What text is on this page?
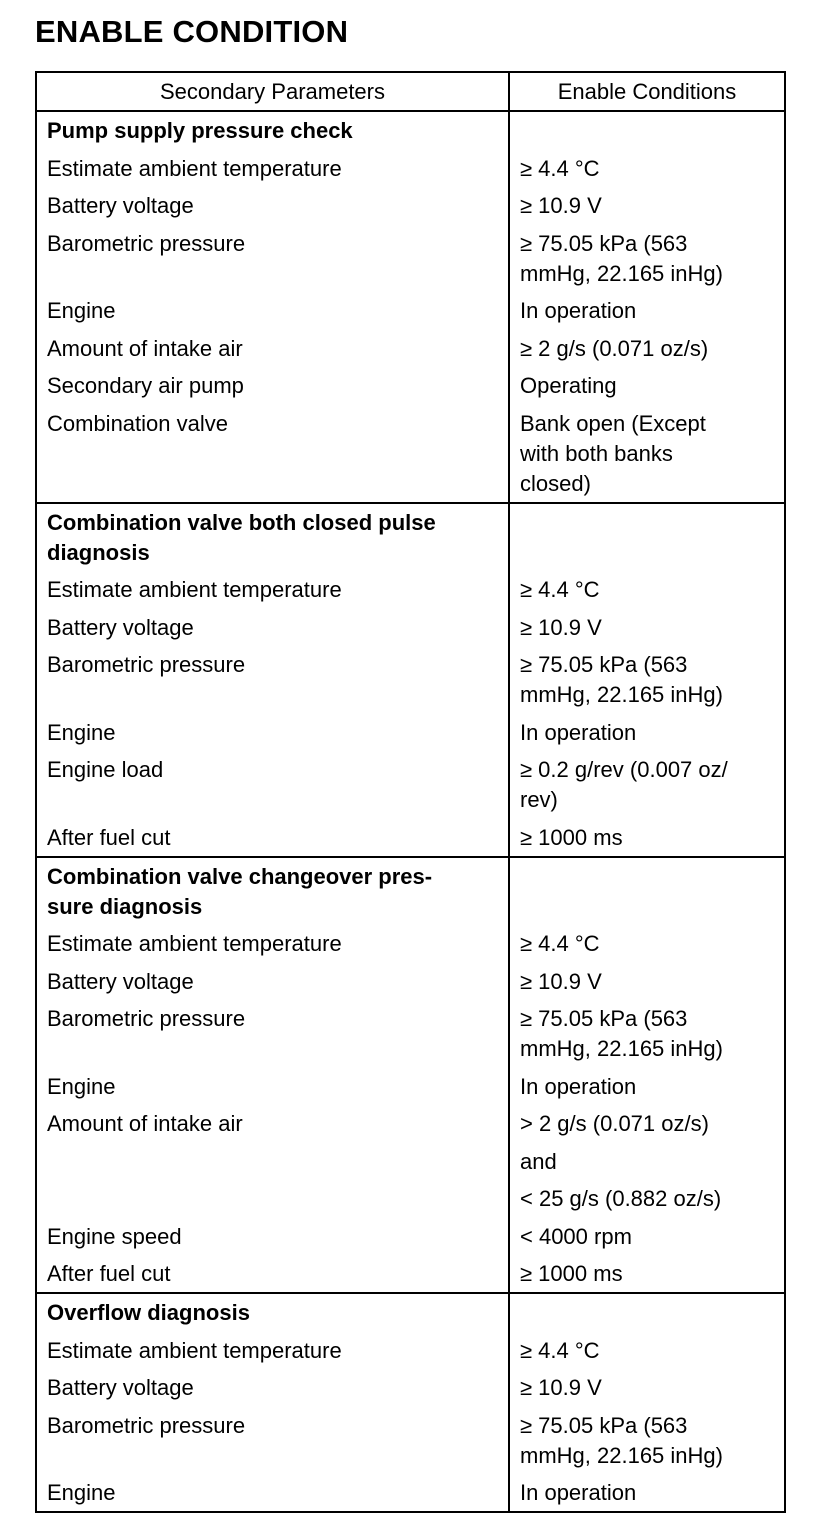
ENABLE CONDITION
Secondary Parameters	Enable Conditions
Pump supply pressure check
Estimate ambient temperature	≥ 4.4 °C
Battery voltage	≥ 10.9 V
Barometric pressure	≥ 75.05 kPa (563
mmHg, 22.165 inHg)
Engine	In operation
Amount of intake air	≥ 2 g/s (0.071 oz/s)
Secondary air pump	Operating
Combination valve	Bank open (Except
with both banks
closed)
Combination valve both closed pulse diagnosis
Estimate ambient temperature	≥ 4.4 °C
Battery voltage	≥ 10.9 V
Barometric pressure	≥ 75.05 kPa (563
mmHg, 22.165 inHg)
Engine	In operation
Engine load	≥ 0.2 g/rev (0.007 oz/
rev)
After fuel cut	≥ 1000 ms
Combination valve changeover pres-
sure diagnosis
Estimate ambient temperature	≥ 4.4 °C
Battery voltage	≥ 10.9 V
Barometric pressure	≥ 75.05 kPa (563
mmHg, 22.165 inHg)
Engine	In operation
Amount of intake air	> 2 g/s (0.071 oz/s)
and
< 25 g/s (0.882 oz/s)
Engine speed	< 4000 rpm
After fuel cut	≥ 1000 ms
Overflow diagnosis
Estimate ambient temperature	≥ 4.4 °C
Battery voltage	≥ 10.9 V
Barometric pressure	≥ 75.05 kPa (563
mmHg, 22.165 inHg)
Engine	In operation
